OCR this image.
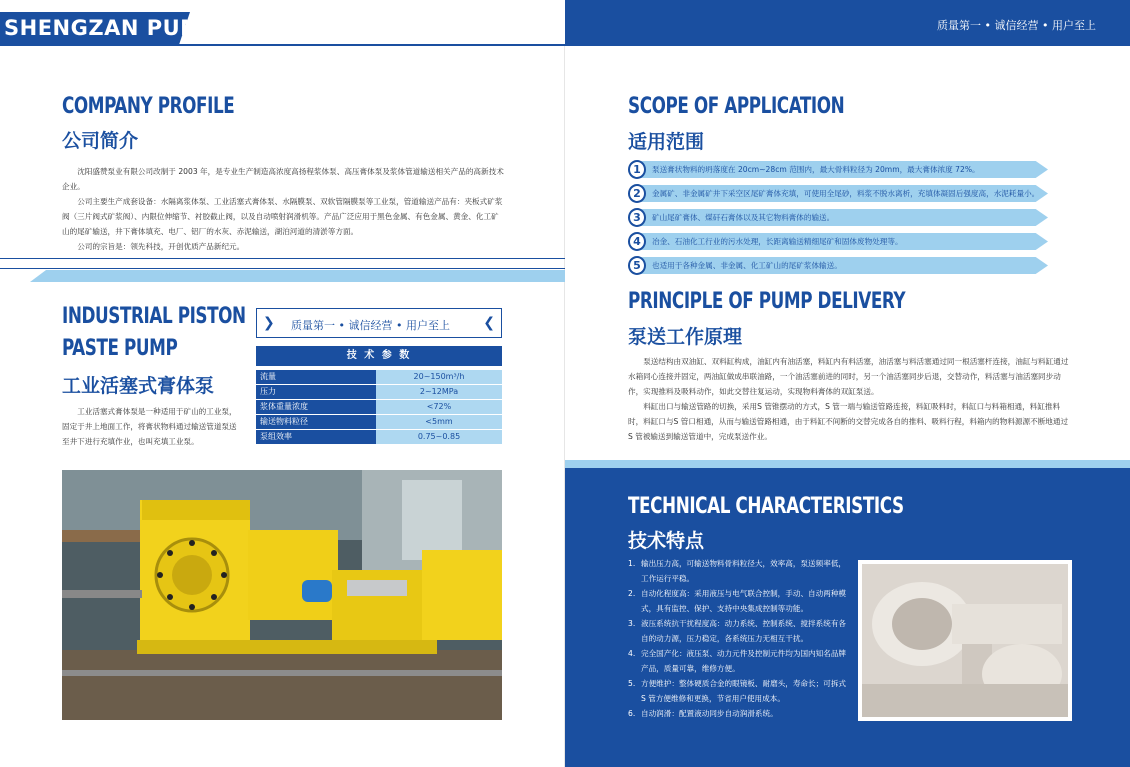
SHENGZAN PUMP	质量第一 • 诚信经营 • 用户至上
COMPANY PROFILE
公司简介

沈阳盛赞泵业有限公司改制于 2003 年，是专业生产制造高浓度高扬程浆体泵、高压膏体泵及浆体管道输送相关产品的高新技术企业。

公司主要生产成套设备：水隔离浆体泵、工业活塞式膏体泵、水隔膜泵、双软管隔膜泵等工业泵，管道输送产品有：夹板式矿浆阀（三片阀式矿浆阀）、内限位伸缩节、衬胶截止阀，以及自动喷射润滑机等。产品广泛应用于黑色金属、有色金属、黄金、化工矿山的尾矿输送，井下膏体填充、电厂、铝厂的水灰、赤泥输送，湖泊河道的清淤等方面。

公司的宗旨是：领先科技，开创优质产品新纪元。

INDUSTRIAL PISTON
PASTE PUMP
工业活塞式膏体泵
工业活塞式膏体泵是一种适用于矿山的工业泵，固定于井上地面工作，将膏状物料通过输送管道泵送至井下进行充填作业，也叫充填工业泵。
❯ 质量第一 • 诚信经营 • 用户至上 ❮
技 术 参 数
流量	20~150m³/h
压力	2~12MPa
浆体重量浓度	<72%
输送物料粒径	<5mm
泵组效率	0.75~0.85
SCOPE OF APPLICATION
适用范围
1	泵送膏状物料的坍落度在 20cm~28cm 范围内，最大骨料粒径为 20mm，最大膏体浓度 72%。
2	金属矿、非金属矿井下采空区尾矿膏体充填，可使用全尾砂，料浆不脱水离析，充填体凝固后强度高，水泥耗量小。
3	矿山尾矿膏体、煤矸石膏体以及其它物料膏体的输送。
4	冶金、石油化工行业的污水处理，长距离输送精细尾矿和固体废物处理等。
5	也适用于各种金属、非金属、化工矿山的尾矿浆体输送。
PRINCIPLE OF PUMP DELIVERY
泵送工作原理

泵送结构由双油缸、双料缸构成，油缸内有油活塞，料缸内有料活塞，油活塞与料活塞通过同一根活塞杆连接，油缸与料缸通过水箱同心连接并固定，两油缸做成串联油路，一个油活塞前进的同时，另一个油活塞同步后退，交替动作，料活塞与油活塞同步动作，实现推料及吸料动作，如此交替往复运动，实现物料膏体的双缸泵送。

料缸出口与输送管路的切换，采用S 管锥摆动的方式，S 管一端与输送管路连接，料缸吸料时，料缸口与料箱相通，料缸推料时，料缸口与S 管口相通，从而与输送管路相通，由于料缸不间断的交替完成各自的推料、吸料行程，料箱内的物料源源不断地通过S 管被输送到输送管道中，完成泵送作业。

TECHNICAL CHARACTERISTICS
技术特点
1. 输出压力高，可输送物料骨料粒径大，效率高，泵送频率低，工作运行平稳。
2. 自动化程度高：采用液压与电气联合控制，手动、自动两种模式，具有监控、保护、支持中央集成控制等功能。
3. 液压系统抗干扰程度高：动力系统、控制系统、搅拌系统有各自的动力源，压力稳定，各系统压力无相互干扰。
4. 完全国产化：液压泵、动力元件及控制元件均为国内知名品牌产品，质量可靠，维修方便。
5. 方便维护：整体硬质合金的眼镜板、耐磨头，寿命长；可拆式S 管方便维修和更换，节省用户使用成本。
6. 自动润滑：配置液动同步自动润滑系统。
